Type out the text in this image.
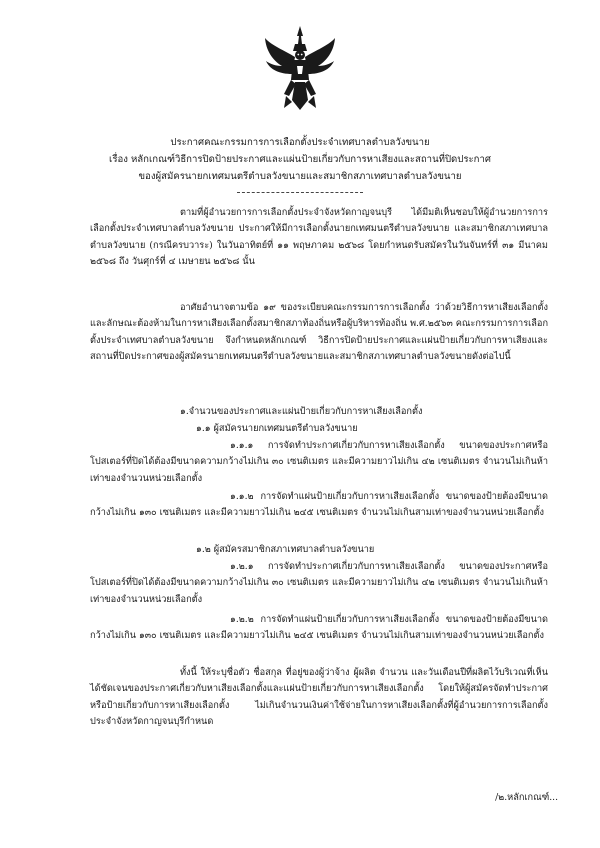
ประกาศคณะกรรมการการเลือกตั้งประจำเทศบาลตำบลวังขนาย
เรื่อง หลักเกณฑ์วิธีการปิดป้ายประกาศและแผ่นป้ายเกี่ยวกับการหาเสียงและสถานที่ปิดประกาศ
ของผู้สมัครนายกเทศมนตรีตำบลวังขนายและสมาชิกสภาเทศบาลตำบลวังขนาย

ตามที่ผู้อำนวยการการเลือกตั้งประจำจังหวัดกาญจนบุรี ได้มีมติเห็นชอบให้ผู้อำนวยการการเลือกตั้งประจำเทศบาลตำบลวังขนาย ประกาศให้มีการเลือกตั้งนายกเทศมนตรีตำบลวังขนาย และสมาชิกสภาเทศบาลตำบลวังขนาย (กรณีครบวาระ) ในวันอาทิตย์ที่ ๑๑ พฤษภาคม ๒๕๖๘ โดยกำหนดรับสมัครในวันจันทร์ที่ ๓๑ มีนาคม ๒๕๖๘ ถึง วันศุกร์ที่ ๔ เมษายน ๒๕๖๘ นั้น

อาศัยอำนาจตามข้อ ๑๙ ของระเบียบคณะกรรมการการเลือกตั้ง ว่าด้วยวิธีการหาเสียงเลือกตั้งและลักษณะต้องห้ามในการหาเสียงเลือกตั้งสมาชิกสภาท้องถิ่นหรือผู้บริหารท้องถิ่น พ.ศ.๒๕๖๓ คณะกรรมการการเลือกตั้งประจำเทศบาลตำบลวังขนาย จึงกำหนดหลักเกณฑ์ วิธีการปิดป้ายประกาศและแผ่นป้ายเกี่ยวกับการหาเสียงและสถานที่ปิดประกาศของผู้สมัครนายกเทศมนตรีตำบลวังขนายและสมาชิกสภาเทศบาลตำบลวังขนายดังต่อไปนี้

๑.จำนวนของประกาศและแผ่นป้ายเกี่ยวกับการหาเสียงเลือกตั้ง

๑.๑ ผู้สมัครนายกเทศมนตรีตำบลวังขนาย

๑.๑.๑ การจัดทำประกาศเกี่ยวกับการหาเสียงเลือกตั้ง ขนาดของประกาศหรือโปสเตอร์ที่ปิดได้ต้องมีขนาดความกว้างไม่เกิน ๓๐ เซนติเมตร และมีความยาวไม่เกิน ๔๒ เซนติเมตร จำนวนไม่เกินห้าเท่าของจำนวนหน่วยเลือกตั้ง

๑.๑.๒ การจัดทำแผ่นป้ายเกี่ยวกับการหาเสียงเลือกตั้ง ขนาดของป้ายต้องมีขนาดกว้างไม่เกิน ๑๓๐ เซนติเมตร และมีความยาวไม่เกิน ๒๔๕ เซนติเมตร จำนวนไม่เกินสามเท่าของจำนวนหน่วยเลือกตั้ง

๑.๒ ผู้สมัครสมาชิกสภาเทศบาลตำบลวังขนาย

๑.๒.๑ การจัดทำประกาศเกี่ยวกับการหาเสียงเลือกตั้ง ขนาดของประกาศหรือโปสเตอร์ที่ปิดได้ต้องมีขนาดความกว้างไม่เกิน ๓๐ เซนติเมตร และมีความยาวไม่เกิน ๔๒ เซนติเมตร จำนวนไม่เกินห้าเท่าของจำนวนหน่วยเลือกตั้ง

๑.๒.๒ การจัดทำแผ่นป้ายเกี่ยวกับการหาเสียงเลือกตั้ง ขนาดของป้ายต้องมีขนาดกว้างไม่เกิน ๑๓๐ เซนติเมตร และมีความยาวไม่เกิน ๒๔๕ เซนติเมตร จำนวนไม่เกินสามเท่าของจำนวนหน่วยเลือกตั้ง

ทั้งนี้ ให้ระบุชื่อตัว ชื่อสกุล ที่อยู่ของผู้ว่าจ้าง ผู้ผลิต จำนวน และวันเดือนปีที่ผลิตไว้บริเวณที่เห็นได้ชัดเจนของประกาศเกี่ยวกับหาเสียงเลือกตั้งและแผ่นป้ายเกี่ยวกับการหาเสียงเลือกตั้ง โดยให้ผู้สมัครจัดทำประกาศหรือป้ายเกี่ยวกับการหาเสียงเลือกตั้ง ไม่เกินจำนวนเงินค่าใช้จ่ายในการหาเสียงเลือกตั้งที่ผู้อำนวยการการเลือกตั้งประจำจังหวัดกาญจนบุรีกำหนด

/๒.หลักเกณฑ์...
